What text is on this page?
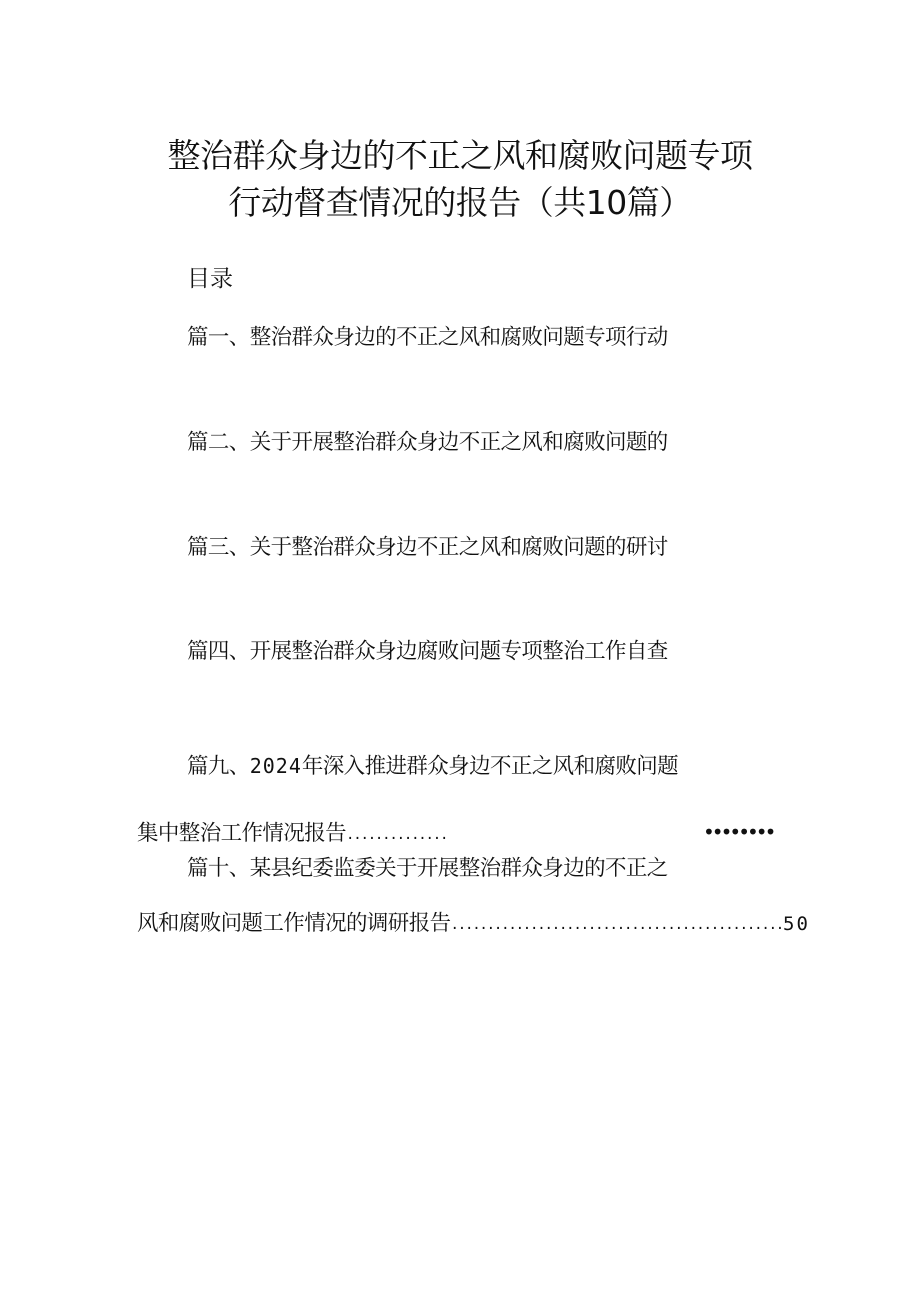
整治群众身边的不正之风和腐败问题专项
行动督查情况的报告（共10篇）
目录
篇一、整治群众身边的不正之风和腐败问题专项行动
篇二、关于开展整治群众身边不正之风和腐败问题的
篇三、关于整治群众身边不正之风和腐败问题的研讨
篇四、开展整治群众身边腐败问题专项整治工作自查
篇九、2024年深入推进群众身边不正之风和腐败问题
集中整治工作情况报告..............	••••••••
篇十、某县纪委监委关于开展整治群众身边的不正之
风和腐败问题工作情况的调研报告..............................................50
